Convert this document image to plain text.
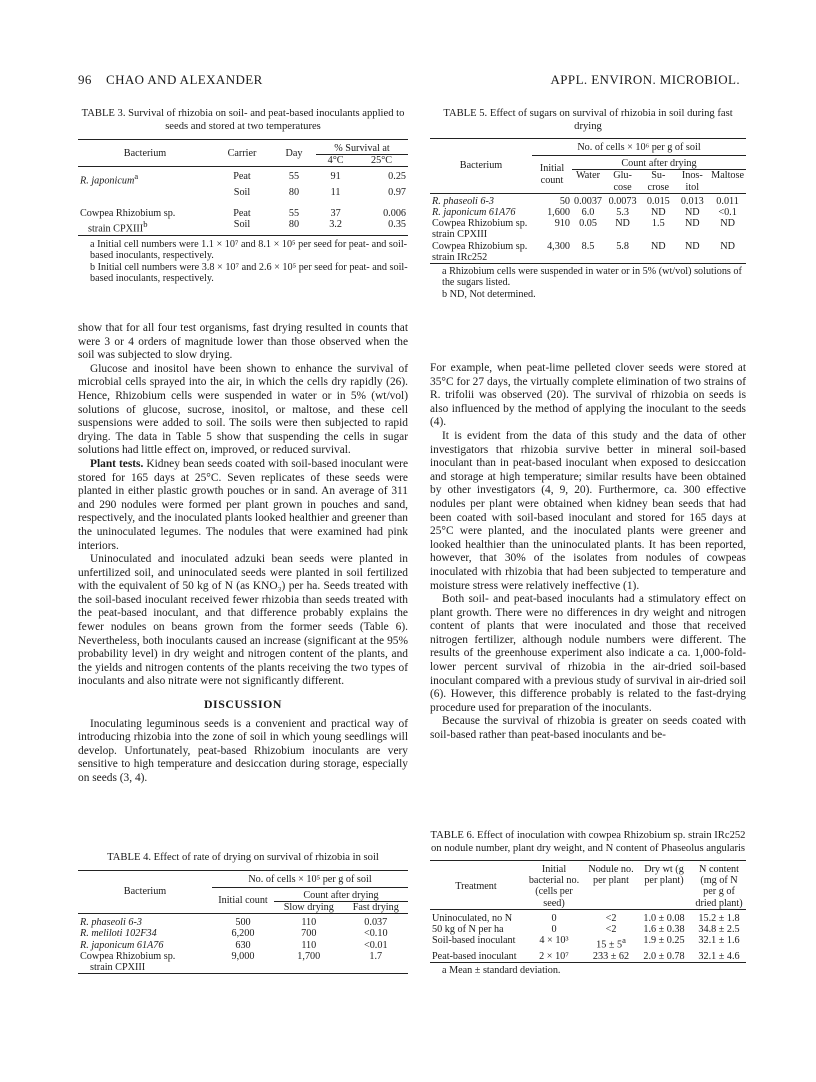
96 CHAO AND ALEXANDER	APPL. ENVIRON. MICROBIOL.
TABLE 3. Survival of rhizobia on soil- and peat-based inoculants applied to seeds and stored at two temperatures
Bacterium	Carrier	Day	% Survival at	
			4°C	25°C

R. japonicum$^a$	Peat	55	91	0.25
	Soil	80	11	0.97

Cowpea Rhizobium sp.	Peat	55	37	0.006
strain CPXIII$^b$	Soil	80	3.2	0.35

a Initial cell numbers were 1.1 × 10⁷ and 8.1 × 10⁵ per seed for peat- and soil-based inoculants, respectively.
b Initial cell numbers were 3.8 × 10⁷ and 2.6 × 10⁵ per seed for peat- and soil-based inoculants, respectively.

show that for all four test organisms, fast drying resulted in counts that were 3 or 4 orders of magnitude lower than those observed when the soil was subjected to slow drying.

Glucose and inositol have been shown to enhance the survival of microbial cells sprayed into the air, in which the cells dry rapidly (26). Hence, Rhizobium cells were suspended in water or in 5% (wt/vol) solutions of glucose, sucrose, inositol, or maltose, and these cell suspensions were added to soil. The soils were then subjected to rapid drying. The data in Table 5 show that suspending the cells in sugar solutions had little effect on, improved, or reduced survival.

Plant tests. Kidney bean seeds coated with soil-based inoculant were stored for 165 days at 25°C. Seven replicates of these seeds were planted in either plastic growth pouches or in sand. An average of 311 and 290 nodules were formed per plant grown in pouches and sand, respectively, and the inoculated plants looked healthier and greener than the uninoculated legumes. The nodules that were examined had pink interiors.

Uninoculated and inoculated adzuki bean seeds were planted in unfertilized soil, and uninoculated seeds were planted in soil fertilized with the equivalent of 50 kg of N (as KNO₃) per ha. Seeds treated with the soil-based inoculant received fewer rhizobia than seeds treated with the peat-based inoculant, and that difference probably explains the fewer nodules on beans grown from the former seeds (Table 6). Nevertheless, both inoculants caused an increase (significant at the 95% probability level) in dry weight and nitrogen content of the plants, and the yields and nitrogen contents of the plants receiving the two types of inoculants and also nitrate were not significantly different.

DISCUSSION

Inoculating leguminous seeds is a convenient and practical way of introducing rhizobia into the zone of soil in which young seedlings will develop. Unfortunately, peat-based Rhizobium inoculants are very sensitive to high temperature and desiccation during storage, especially on seeds (3, 4).

TABLE 4. Effect of rate of drying on survival of rhizobia in soil
Bacterium	No. of cells × 10⁵ per g of soil		
	Initial count	Count after drying	
		Slow drying	Fast drying

R. phaseoli 6-3	500	110	0.037
R. meliloti 102F34	6,200	700	<0.10
R. japonicum 61A76	630	110	<0.01
Cowpea Rhizobium sp.	9,000	1,700	1.7
strain CPXIII			

TABLE 5. Effect of sugars on survival of rhizobia in soil during fast drying
Bacterium	No. of cells × 10⁶ per g of soil					
	Initial count	Count after drying				
		Water	Glu-cose	Su-crose	Inos-itol	Maltose

R. phaseoli 6-3	50	0.0037	0.0073	0.015	0.013	0.011
R. japonicum 61A76	1,600	6.0	5.3	ND	ND	<0.1
Cowpea Rhizobium sp. strain CPXIII	910	0.05	ND	1.5	ND	ND
Cowpea Rhizobium sp. strain IRc252	4,300	8.5	5.8	ND	ND	ND

a Rhizobium cells were suspended in water or in 5% (wt/vol) solutions of the sugars listed.
b ND, Not determined.

For example, when peat-lime pelleted clover seeds were stored at 35°C for 27 days, the virtually complete elimination of two strains of R. trifolii was observed (20). The survival of rhizobia on seeds is also influenced by the method of applying the inoculant to the seeds (4).

It is evident from the data of this study and the data of other investigators that rhizobia survive better in mineral soil-based inoculant than in peat-based inoculant when exposed to desiccation and storage at high temperature; similar results have been obtained by other investigators (4, 9, 20). Furthermore, ca. 300 effective nodules per plant were obtained when kidney bean seeds that had been coated with soil-based inoculant and stored for 165 days at 25°C were planted, and the inoculated plants were greener and looked healthier than the uninoculated plants. It has been reported, however, that 30% of the isolates from nodules of cowpeas inoculated with rhizobia that had been subjected to temperature and moisture stress were relatively ineffective (1).

Both soil- and peat-based inoculants had a stimulatory effect on plant growth. There were no differences in dry weight and nitrogen content of plants that were inoculated and those that received nitrogen fertilizer, although nodule numbers were different. The results of the greenhouse experiment also indicate a ca. 1,000-fold-lower percent survival of rhizobia in the air-dried soil-based inoculant compared with a previous study of survival in air-dried soil (6). However, this difference probably is related to the fast-drying procedure used for preparation of the inoculants.

Because the survival of rhizobia is greater on seeds coated with soil-based rather than peat-based inoculants and be-

TABLE 6. Effect of inoculation with cowpea Rhizobium sp. strain IRc252 on nodule number, plant dry weight, and N content of Phaseolus angularis
Treatment	Initial bacterial no. (cells per seed)	Nodule no. per plant	Dry wt (g per plant)	N content (mg of N per g of dried plant)

Uninoculated, no N	0	<2	1.0 ± 0.08	15.2 ± 1.8
50 kg of N per ha	0	<2	1.6 ± 0.38	34.8 ± 2.5
Soil-based inoculant	4 × 10³	$15 \pm 5^a$	1.9 ± 0.25	32.1 ± 1.6
Peat-based inoculant	2 × 10⁷	233 ± 62	2.0 ± 0.78	32.1 ± 4.6

a Mean ± standard deviation.
